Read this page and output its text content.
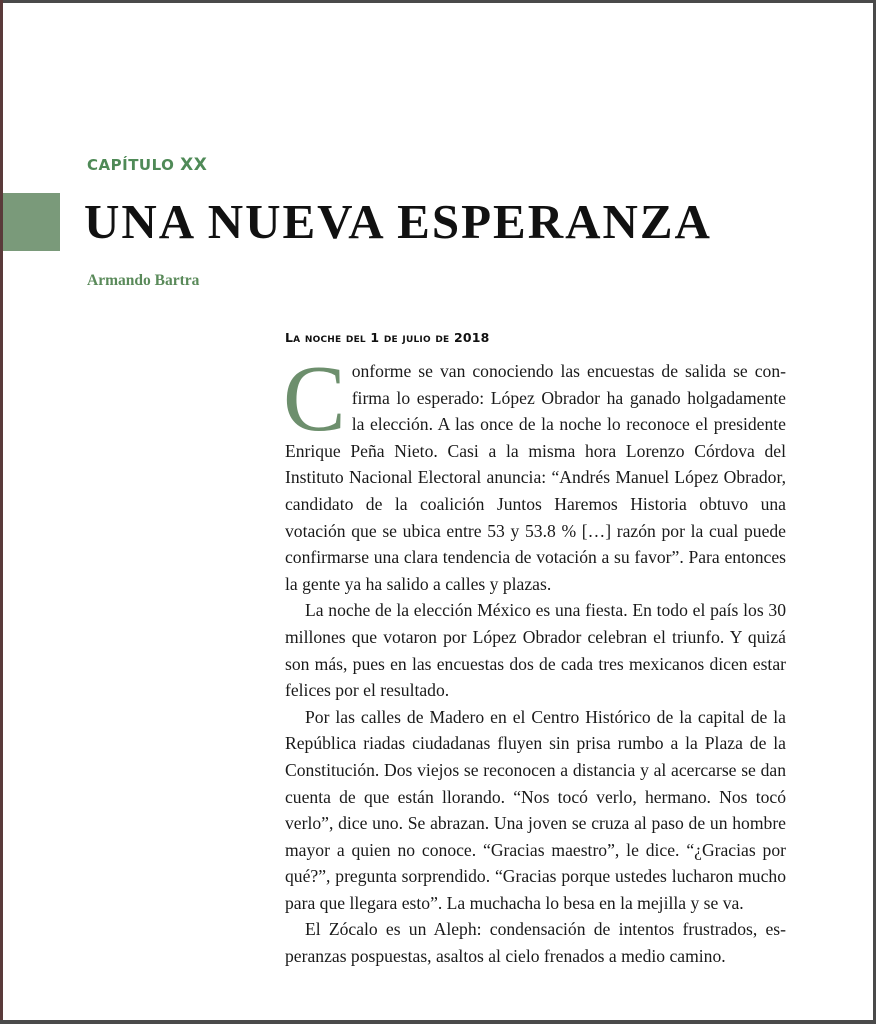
CAPÍTULO XX
UNA NUEVA ESPERANZA
Armando Bartra
La noche del 1 de julio de 2018

Conforme se van conociendo las encuestas de salida se confirma lo esperado: López Obrador ha ganado holgadamente la elección. A las once de la noche lo reconoce el presidente Enrique Peña Nieto. Casi a la misma hora Lorenzo Córdova del Instituto Nacional Electoral anuncia: “Andrés Manuel López Obrador, candidato de la coalición Juntos Haremos Historia obtuvo una votación que se ubica entre 53 y 53.8 % […] razón por la cual puede confirmarse una clara tendencia de votación a su favor”. Para entonces la gente ya ha salido a calles y plazas.

La noche de la elección México es una fiesta. En todo el país los 30 millones que votaron por López Obrador celebran el triunfo. Y quizá son más, pues en las encuestas dos de cada tres mexicanos dicen estar felices por el resultado.

Por las calles de Madero en el Centro Histórico de la capital de la República riadas ciudadanas fluyen sin prisa rumbo a la Plaza de la Constitución. Dos viejos se reconocen a distancia y al acercarse se dan cuenta de que están llorando. “Nos tocó verlo, hermano. Nos tocó verlo”, dice uno. Se abrazan. Una joven se cruza al paso de un hombre mayor a quien no conoce. “Gracias maestro”, le dice. “¿Gracias por qué?”, pregunta sorprendido. “Gracias porque ustedes lucharon mucho para que llegara esto”. La muchacha lo besa en la mejilla y se va.

El Zócalo es un Aleph: condensación de intentos frustrados, esperanzas pospuestas, asaltos al cielo frenados a medio camino.
